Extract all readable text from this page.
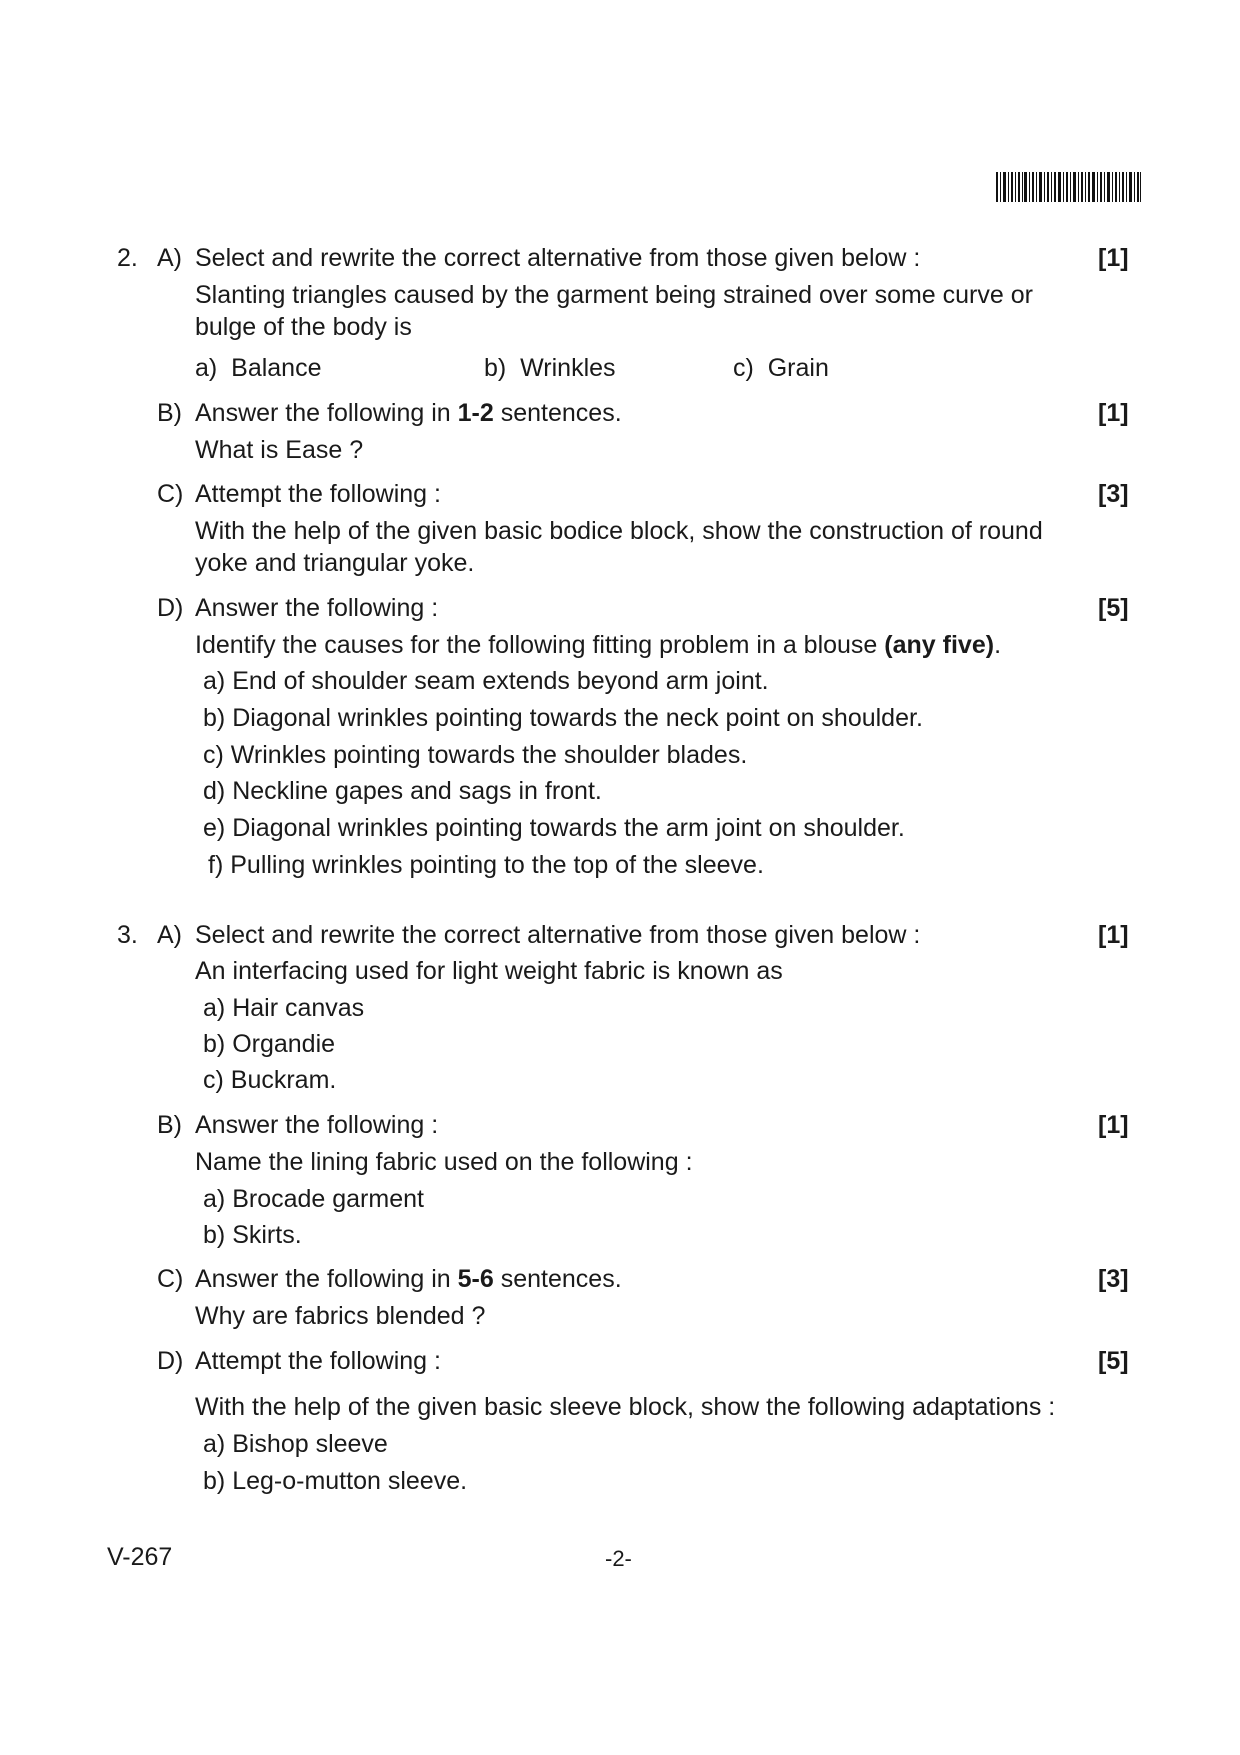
2. A) Select and rewrite the correct alternative from those given below :	[1]
Slanting triangles caused by the garment being strained over some curve or
bulge of the body is
a) Balance	b) Wrinkles	c) Grain
B) Answer the following in 1-2 sentences.	[1]
What is Ease ?
C) Attempt the following :	[3]
With the help of the given basic bodice block, show the construction of round
yoke and triangular yoke.
D) Answer the following :	[5]
Identify the causes for the following fitting problem in a blouse (any five).
a) End of shoulder seam extends beyond arm joint.
b) Diagonal wrinkles pointing towards the neck point on shoulder.
c) Wrinkles pointing towards the shoulder blades.
d) Neckline gapes and sags in front.
e) Diagonal wrinkles pointing towards the arm joint on shoulder.
f) Pulling wrinkles pointing to the top of the sleeve.
3. A) Select and rewrite the correct alternative from those given below :	[1]
An interfacing used for light weight fabric is known as
a) Hair canvas
b) Organdie
c) Buckram.
B) Answer the following :	[1]
Name the lining fabric used on the following :
a) Brocade garment
b) Skirts.
C) Answer the following in 5-6 sentences.	[3]
Why are fabrics blended ?
D) Attempt the following :	[5]
With the help of the given basic sleeve block, show the following adaptations :
a) Bishop sleeve
b) Leg-o-mutton sleeve.
V-267	-2-
